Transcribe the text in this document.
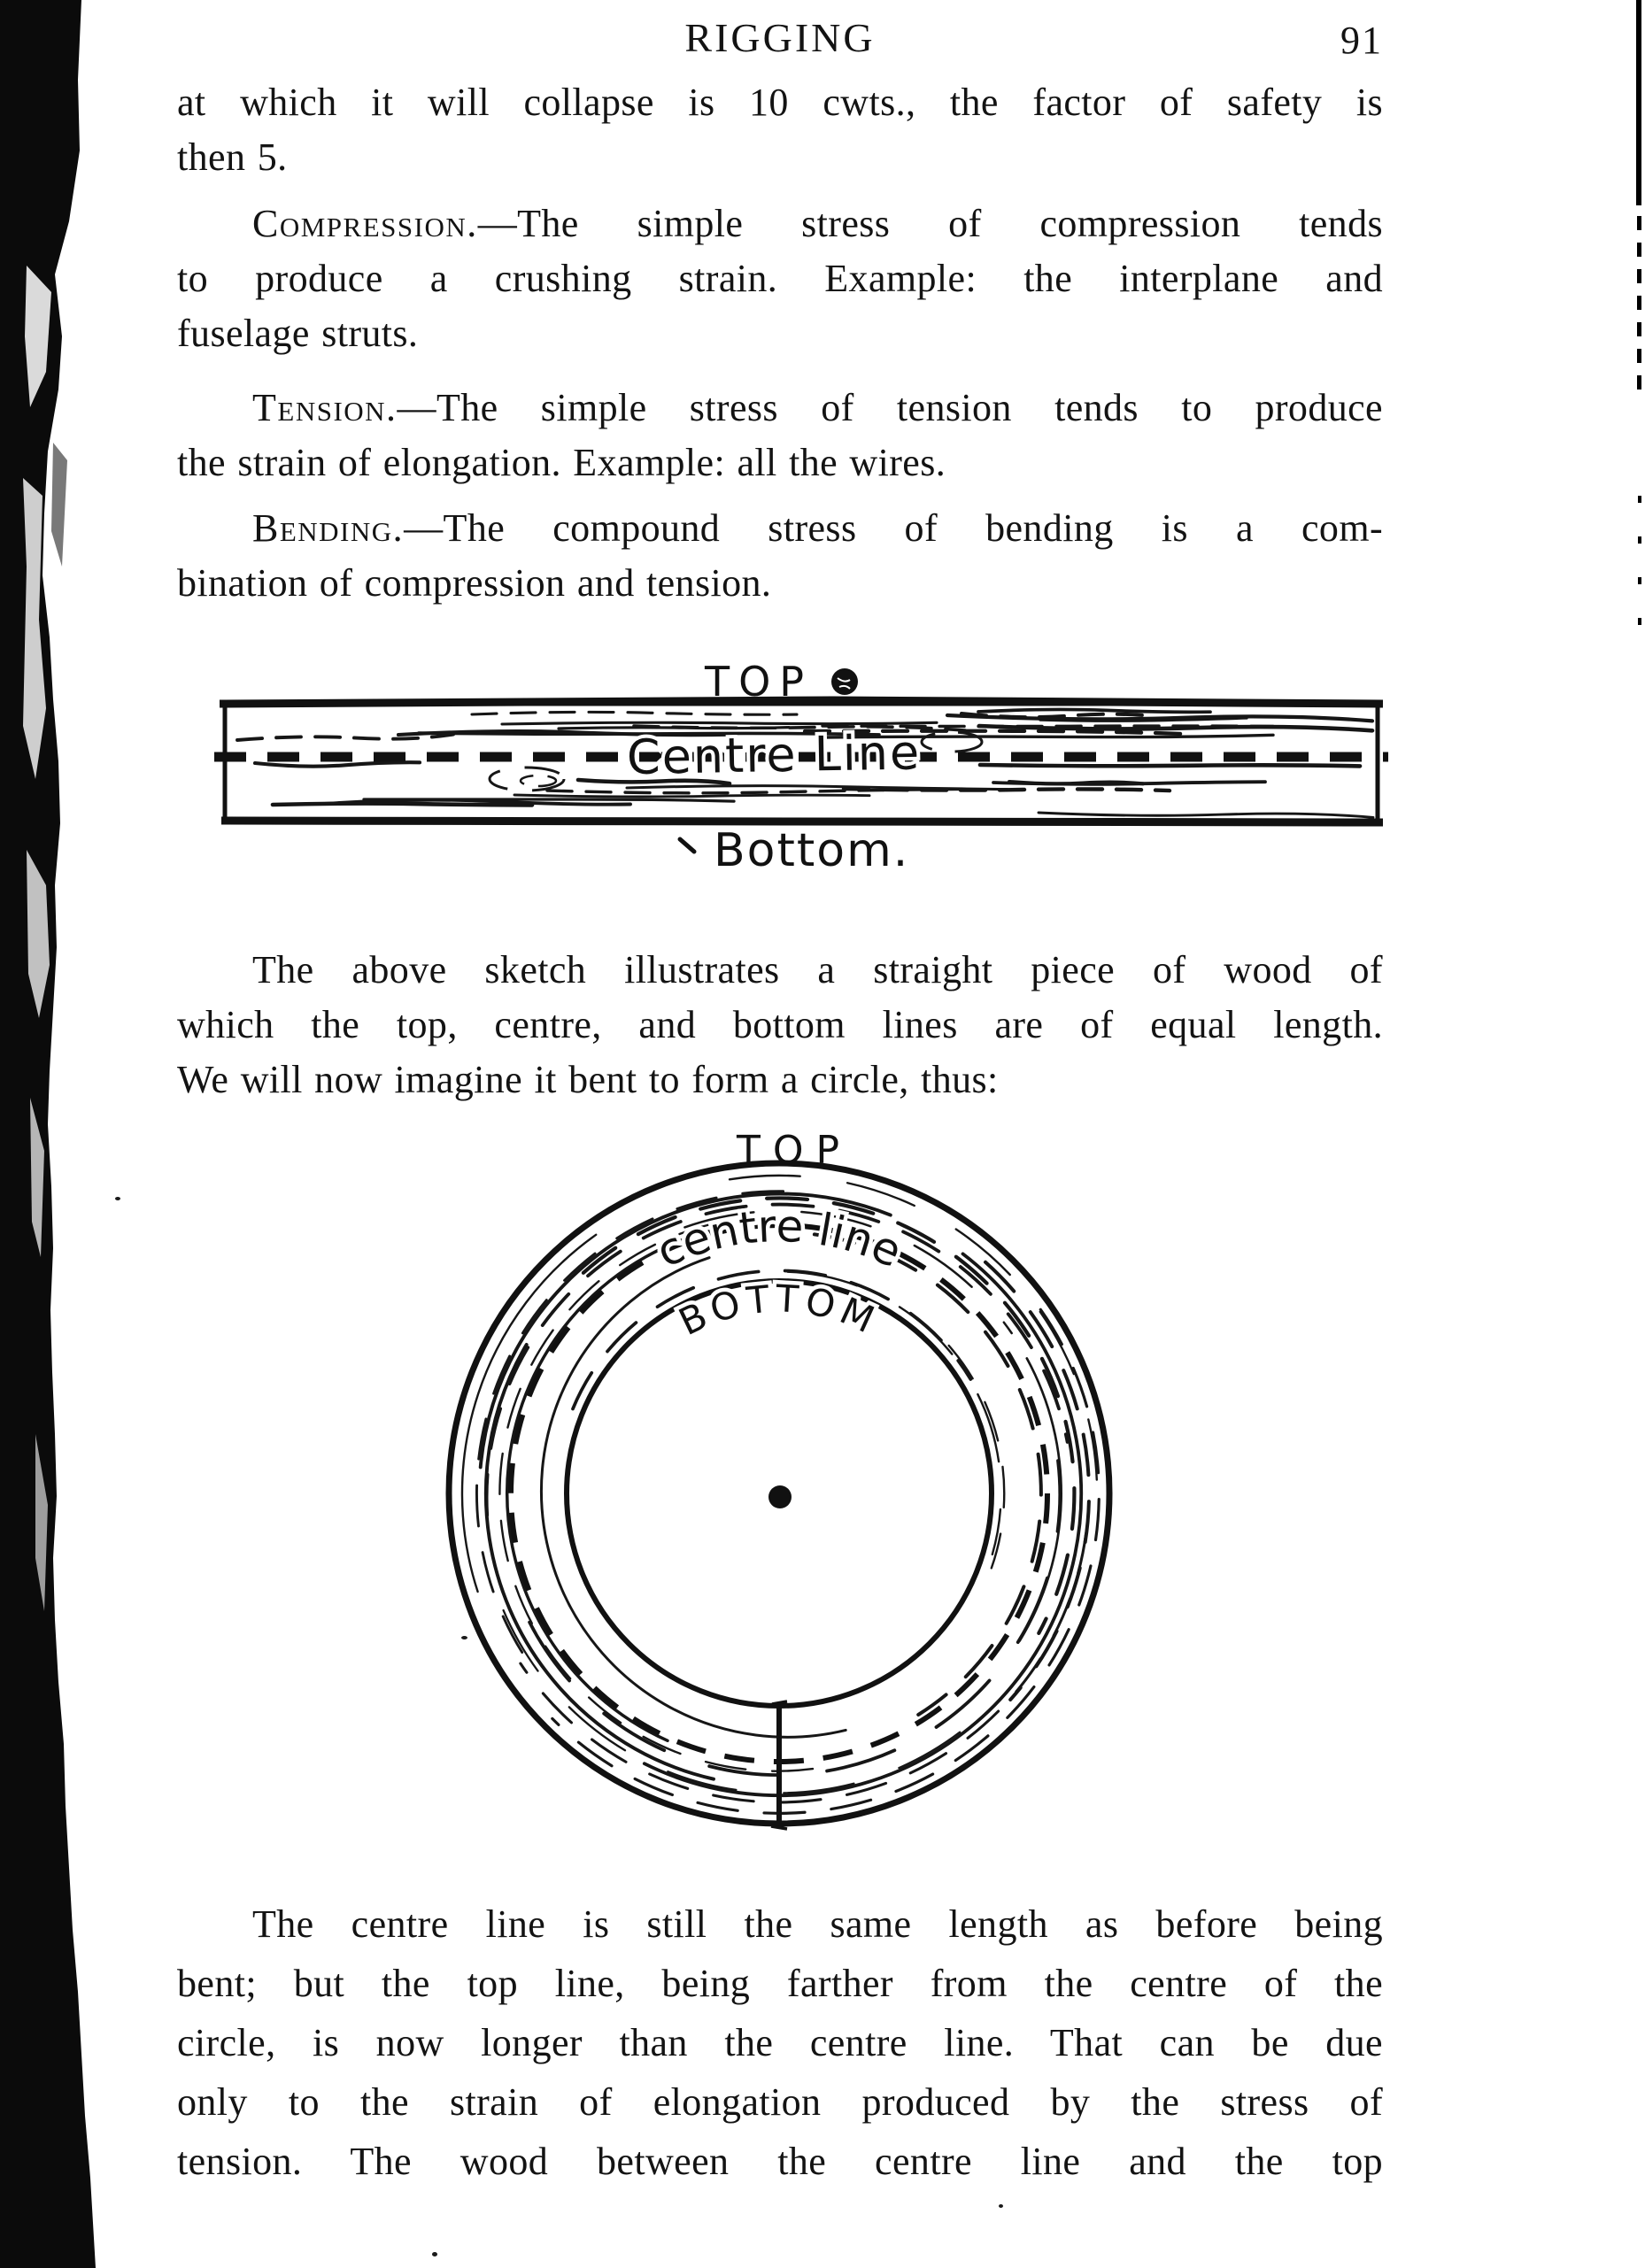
RIGGING	91
at which it will collapse is 10 cwts., the factor of safety is
then 5.
Compression.—The simple stress of compression tends
to produce a crushing strain. Example: the interplane and
fuselage struts.
Tension.—The simple stress of tension tends to produce
the strain of elongation. Example: all the wires.
Bending.—The compound stress of bending is a com-
bination of compression and tension.
TOP
Centre Line
Bottom.
The above sketch illustrates a straight piece of wood of
which the top, centre, and bottom lines are of equal length.
We will now imagine it bent to form a circle, thus:
TOP
centre line
BOTTOM
The centre line is still the same length as before being
bent; but the top line, being farther from the centre of the
circle, is now longer than the centre line. That can be due
only to the strain of elongation produced by the stress of
tension. The wood between the centre line and the top
